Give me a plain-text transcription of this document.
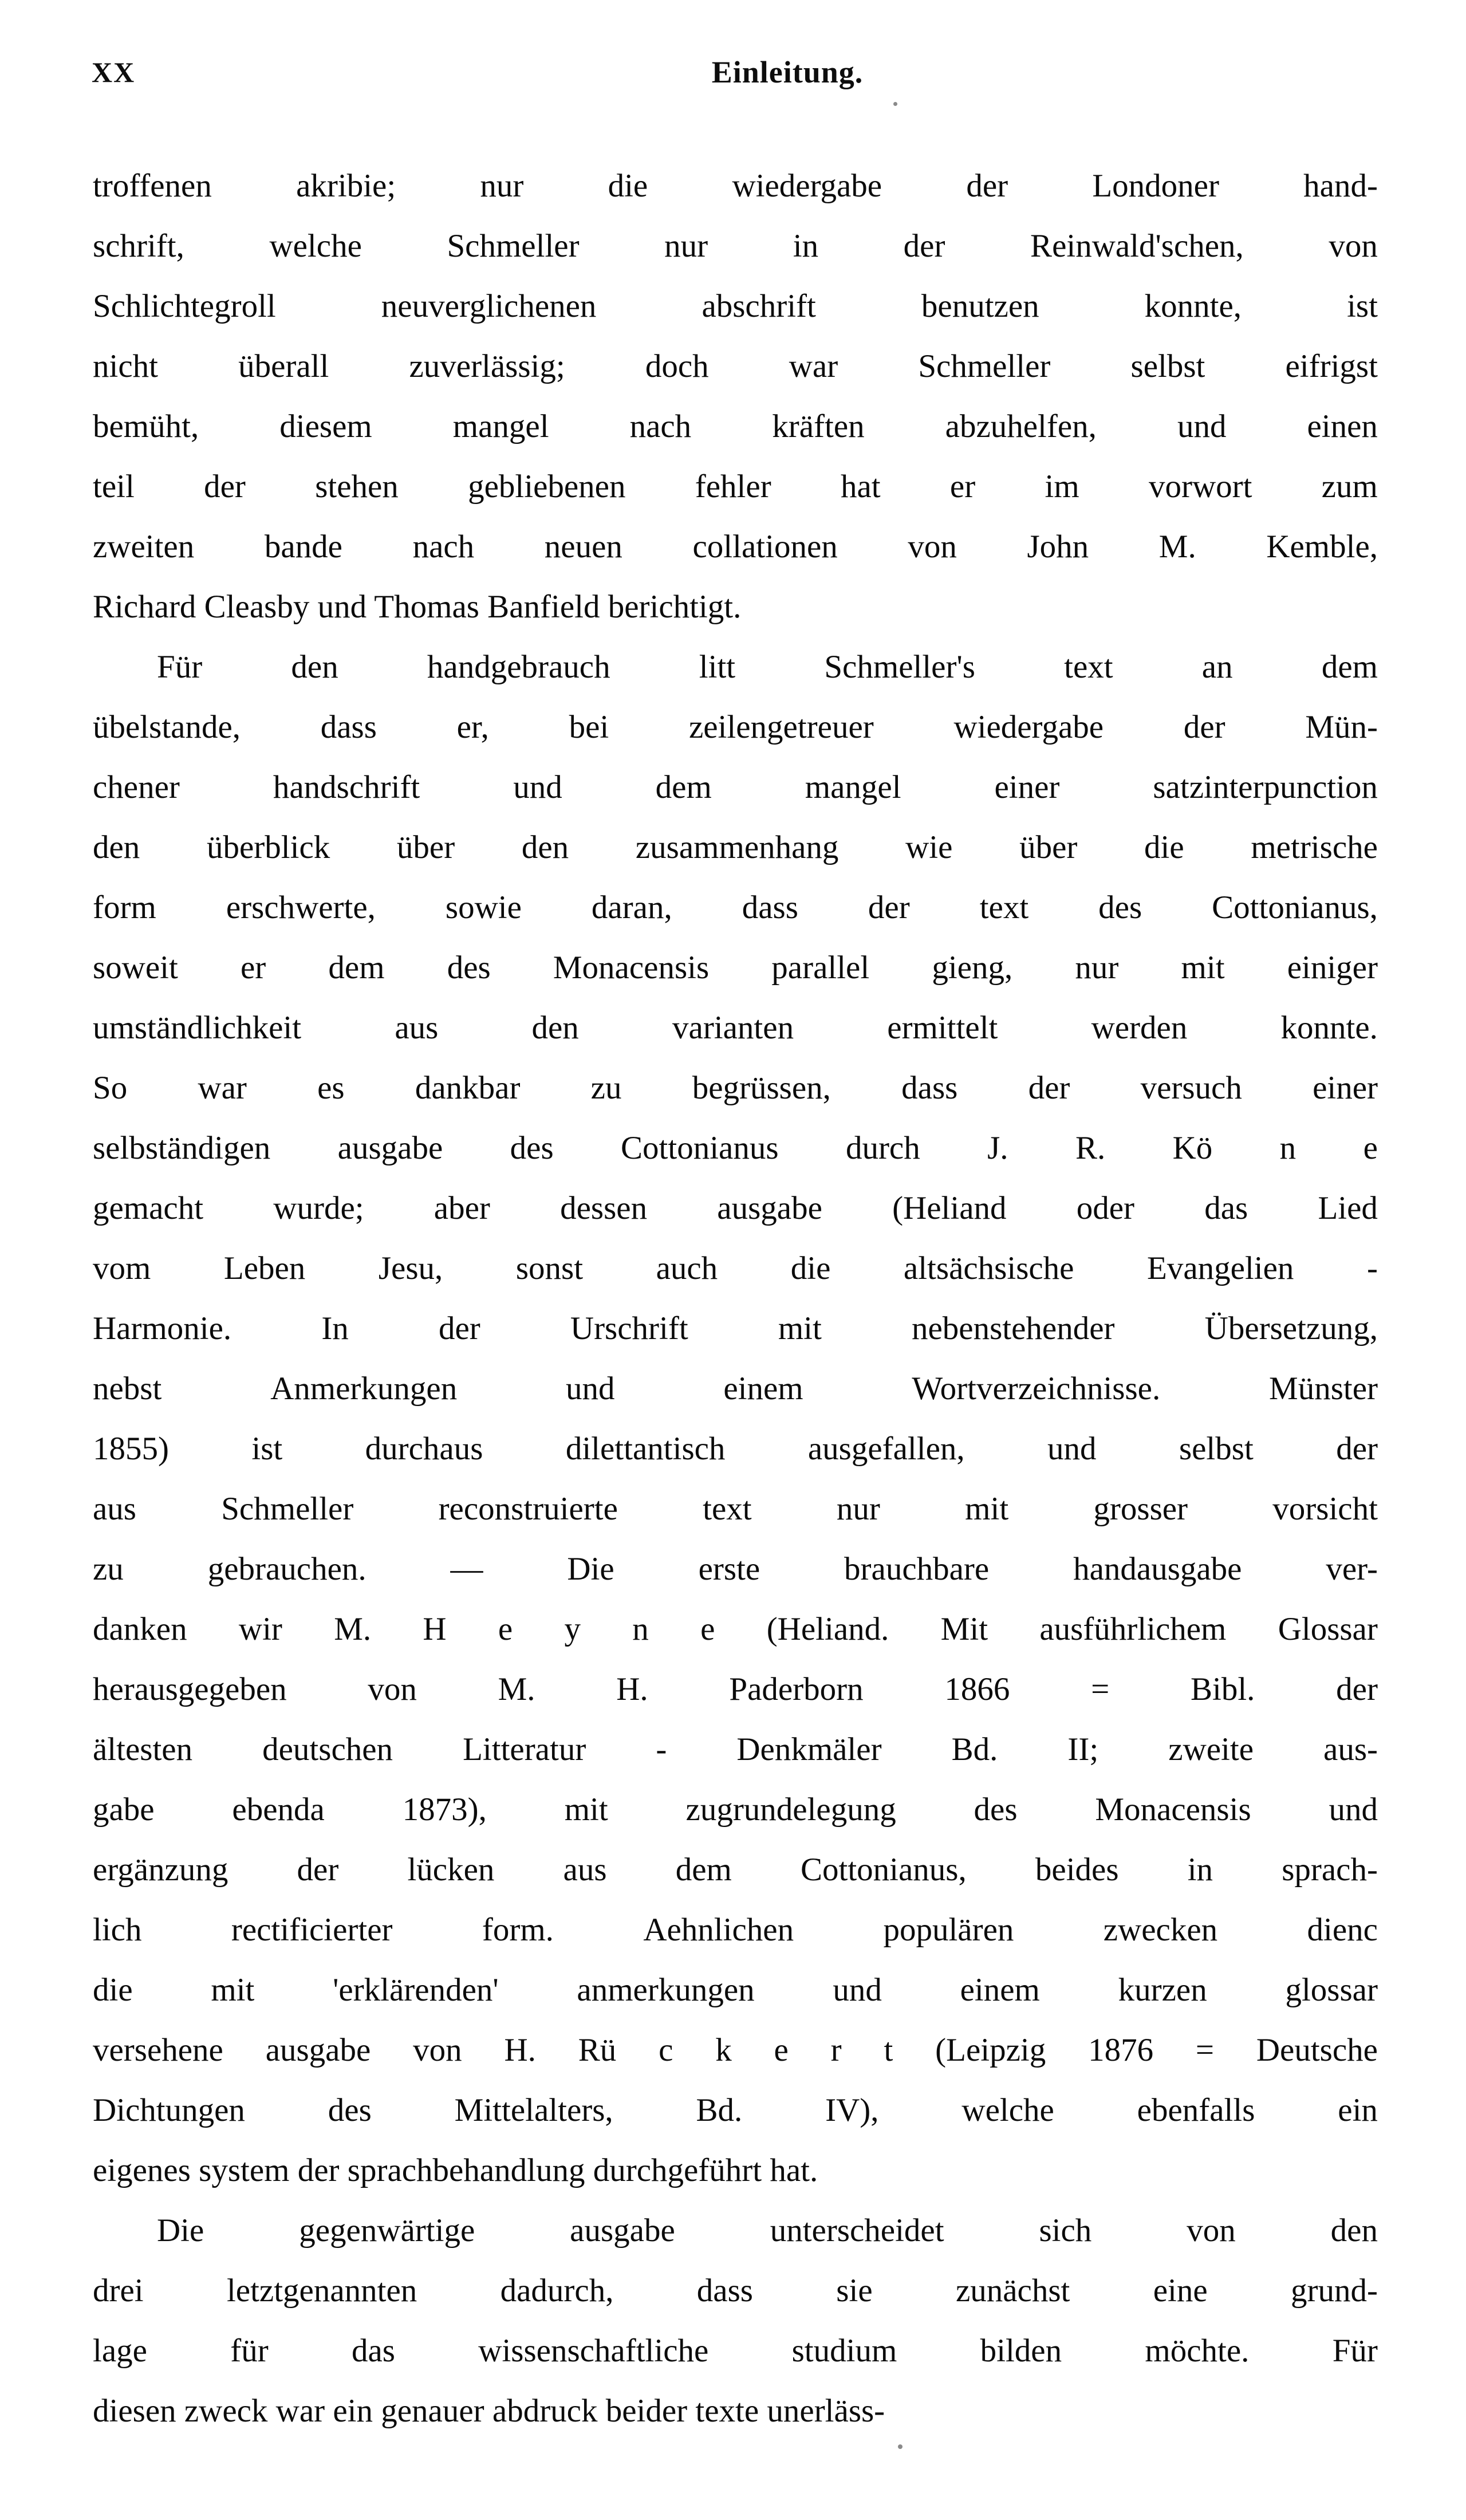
XX	Einleitung.
troffenen	akribie;	nur	die	wiedergabe	der	Londoner	hand-
schrift,	welche	Schmeller	nur	in	der	Reinwald'schen,	von
Schlichtegroll	neuverglichenen	abschrift	benutzen	konnte,	ist
nicht überall zuverlässig; doch war Schmeller selbst eifrigst
bemüht, diesem mangel nach kräften abzuhelfen, und einen
teil der stehen gebliebenen fehler hat er im vorwort zum
zweiten bande nach neuen collationen von John M. Kemble,
Richard Cleasby und Thomas Banfield berichtigt.
Für	den	handgebrauch	litt	Schmeller's	text	an	dem
übelstande, dass er, bei zeilengetreuer wiedergabe der Mün-
chener	handschrift	und	dem	mangel	einer	satzinterpunction
den überblick über den zusammenhang wie über die metrische
form erschwerte, sowie daran, dass der text des Cottonianus,
soweit er dem des Monacensis parallel gieng, nur mit einiger
umständlichkeit	aus	den	varianten	ermittelt	werden	konnte.
So war es dankbar zu begrüssen, dass der versuch einer
selbständigen ausgabe des Cottonianus durch J. R. Kö n e
gemacht wurde; aber dessen ausgabe (Heliand oder das Lied
vom Leben Jesu, sonst auch die altsächsische Evangelien -
Harmonie.	In	der	Urschrift	mit	nebenstehender	Übersetzung,
nebst	Anmerkungen	und	einem	Wortverzeichnisse.	Münster
1855)	ist	durchaus	dilettantisch	ausgefallen,	und	selbst	der
aus	Schmeller	reconstruierte	text	nur	mit	grosser	vorsicht
zu	gebrauchen.	—	Die	erste	brauchbare	handausgabe	ver-
danken wir M. H e y n e (Heliand. Mit ausführlichem Glossar
herausgegeben von M. H. Paderborn 1866 = Bibl. der
ältesten deutschen Litteratur - Denkmäler Bd. II; zweite aus-
gabe ebenda 1873), mit zugrundelegung des Monacensis und
ergänzung der lücken aus dem Cottonianus, beides in sprach-
lich	rectificierter	form.	Aehnlichen	populären	zwecken	dienc
die mit 'erklärenden' anmerkungen und einem kurzen glossar
versehene ausgabe von H. Rü c k e r t (Leipzig 1876 = Deutsche
Dichtungen	des	Mittelalters,	Bd.	IV),	welche	ebenfalls	ein
eigenes system der sprachbehandlung durchgeführt hat.
Die	gegenwärtige	ausgabe	unterscheidet	sich	von	den
drei	letztgenannten	dadurch,	dass	sie	zunächst	eine	grund-
lage	für	das	wissenschaftliche	studium	bilden	möchte.	Für
diesen zweck war ein genauer abdruck beider texte unerläss-
